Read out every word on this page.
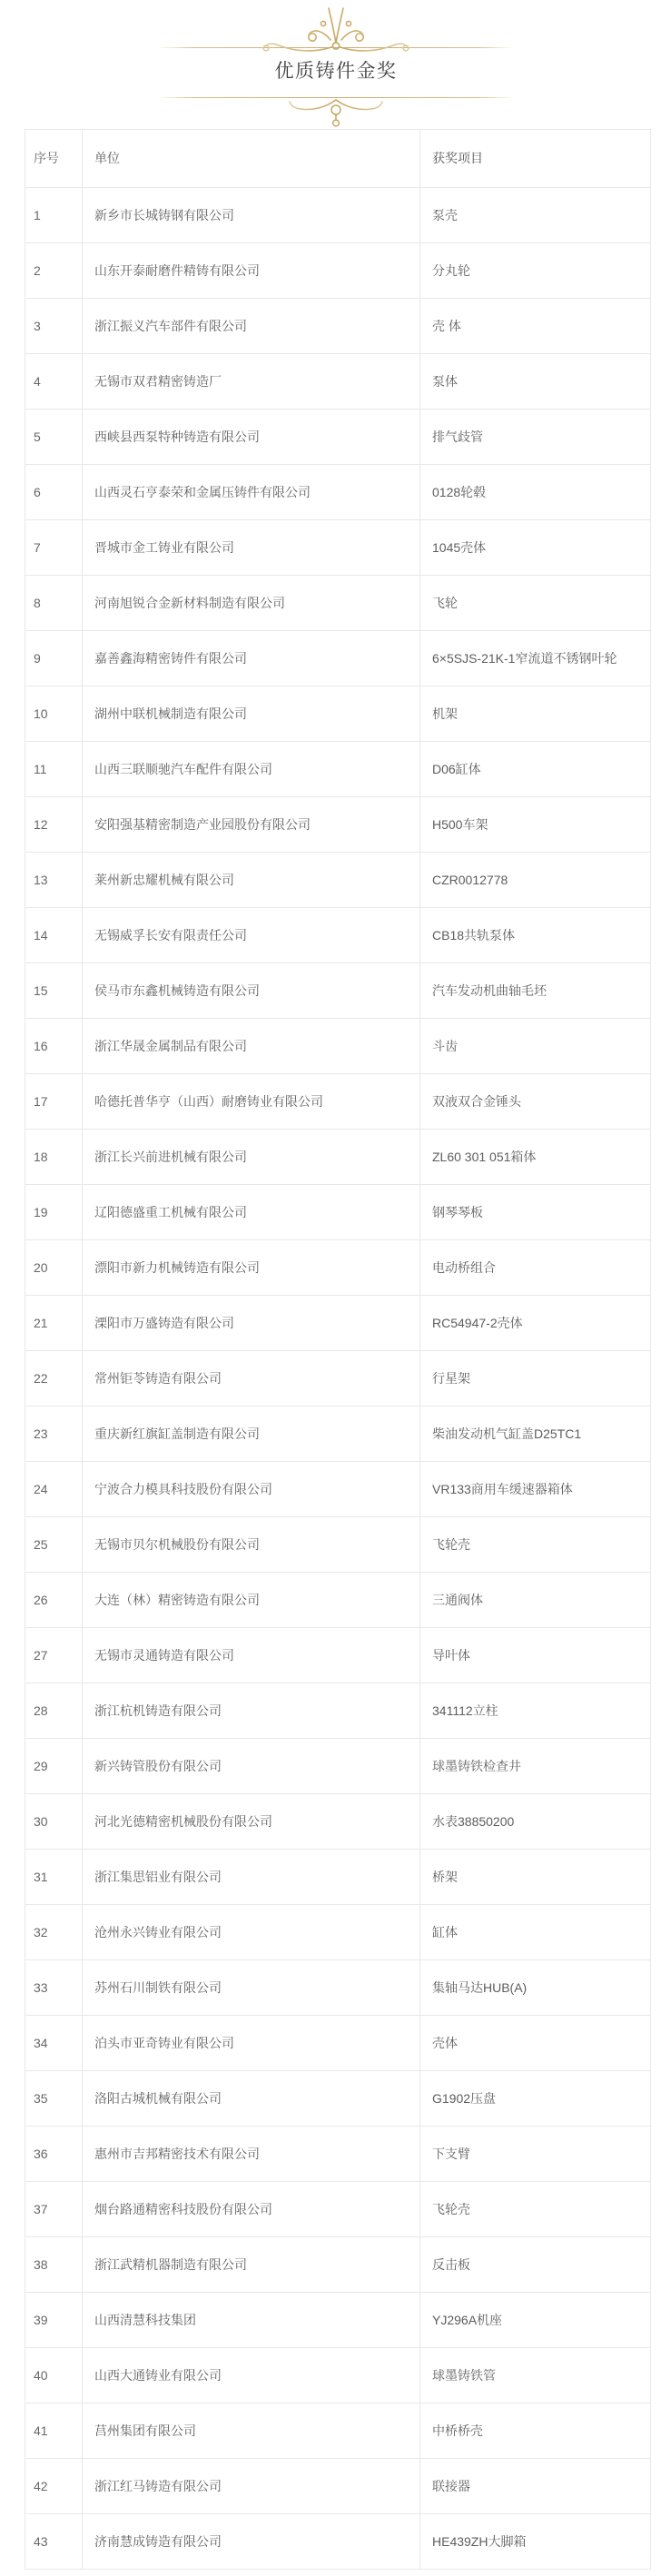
优质铸件金奖
序号	单位	获奖项目
1	新乡市长城铸钢有限公司	泵壳
2	山东开泰耐磨件精铸有限公司	分丸轮
3	浙江振义汽车部件有限公司	壳 体
4	无锡市双君精密铸造厂	泵体
5	西峡县西泵特种铸造有限公司	排气歧管
6	山西灵石亨泰荣和金属压铸件有限公司	0128轮毂
7	晋城市金工铸业有限公司	1045壳体
8	河南旭锐合金新材料制造有限公司	飞轮
9	嘉善鑫海精密铸件有限公司	6×5SJS-21K-1窄流道不锈钢叶轮
10	湖州中联机械制造有限公司	机架
11	山西三联顺驰汽车配件有限公司	D06缸体
12	安阳强基精密制造产业园股份有限公司	H500车架
13	莱州新忠耀机械有限公司	CZR0012778
14	无锡威孚长安有限责任公司	CB18共轨泵体
15	侯马市东鑫机械铸造有限公司	汽车发动机曲轴毛坯
16	浙江华晟金属制品有限公司	斗齿
17	哈德托普华亨（山西）耐磨铸业有限公司	双液双合金锤头
18	浙江长兴前进机械有限公司	ZL60 301 051箱体
19	辽阳德盛重工机械有限公司	钢琴琴板
20	漂阳市新力机械铸造有限公司	电动桥组合
21	溧阳市万盛铸造有限公司	RC54947-2壳体
22	常州钜苓铸造有限公司	行星架
23	重庆新红旗缸盖制造有限公司	柴油发动机气缸盖D25TC1
24	宁波合力模具科技股份有限公司	VR133商用车缓速器箱体
25	无锡市贝尔机械股份有限公司	飞轮壳
26	大连（林）精密铸造有限公司	三通阀体
27	无锡市灵通铸造有限公司	导叶体
28	浙江杭机铸造有限公司	341112立柱
29	新兴铸管股份有限公司	球墨铸铁检查井
30	河北光德精密机械股份有限公司	水表38850200
31	浙江集思铝业有限公司	桥架
32	沧州永兴铸业有限公司	缸体
33	苏州石川制铁有限公司	集轴马达HUB(A)
34	泊头市亚奇铸业有限公司	壳体
35	洛阳古城机械有限公司	G1902压盘
36	惠州市吉邦精密技术有限公司	下支臂
37	烟台路通精密科技股份有限公司	飞轮壳
38	浙江武精机器制造有限公司	反击板
39	山西清慧科技集团	YJ296A机座
40	山西大通铸业有限公司	球墨铸铁管
41	莒州集团有限公司	中桥桥壳
42	浙江红马铸造有限公司	联接器
43	济南慧成铸造有限公司	HE439ZH大脚箱
